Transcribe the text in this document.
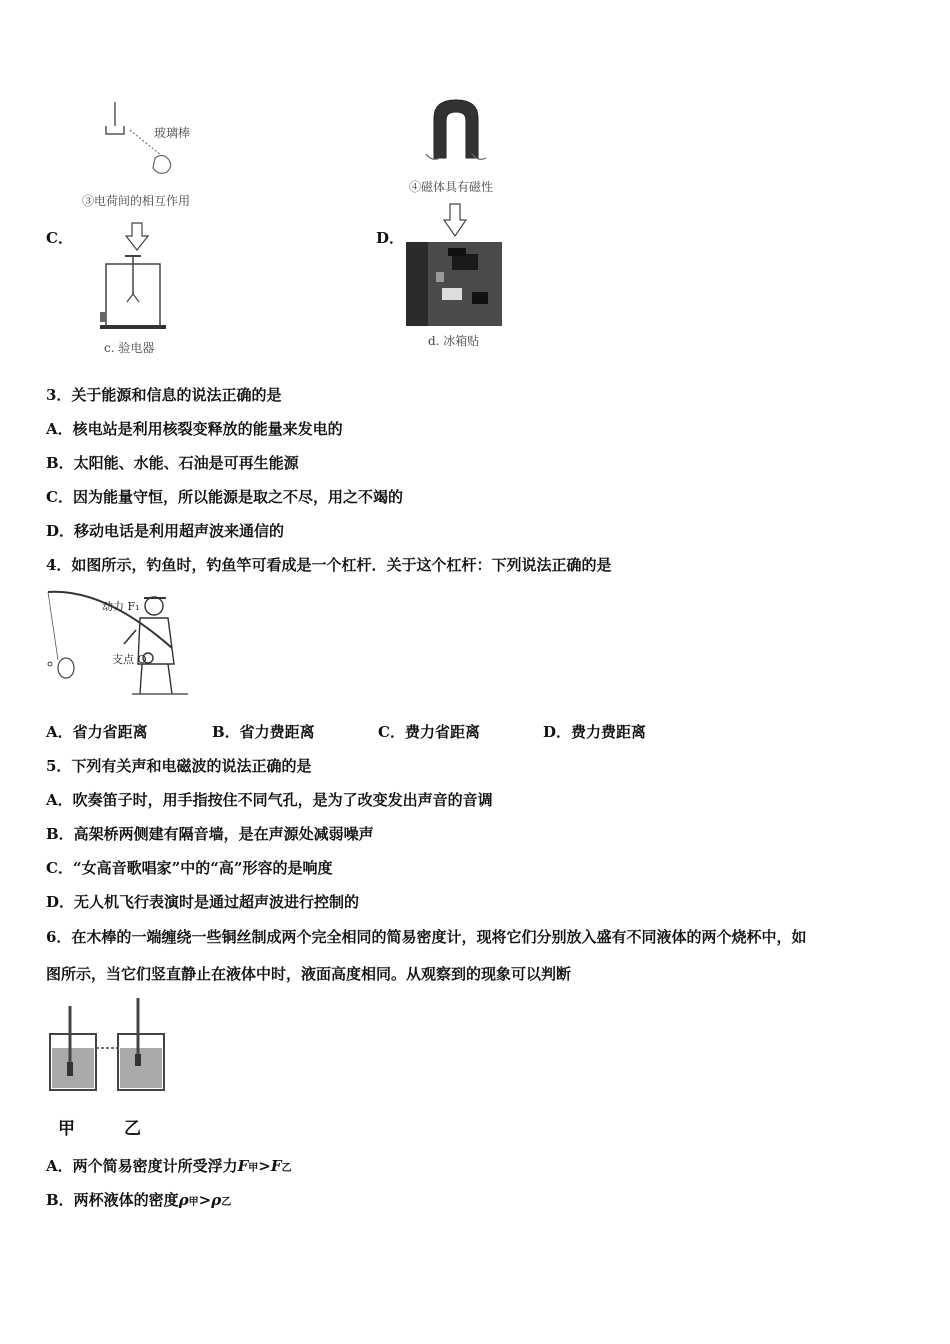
玻璃棒
③电荷间的相互作用
c. 验电器
C．
④磁体具有磁性
d. 冰箱贴
D．
3．关于能源和信息的说法正确的是
A．核电站是利用核裂变释放的能量来发电的
B．太阳能、水能、石油是可再生能源
C．因为能量守恒，所以能源是取之不尽，用之不竭的
D．移动电话是利用超声波来通信的
4．如图所示，钓鱼时，钓鱼竿可看成是一个杠杆．关于这个杠杆：下列说法正确的是
动力 F₁
支点 O
A．省力省距离	B．省力费距离	C．费力省距离	D．费力费距离
5．下列有关声和电磁波的说法正确的是
A．吹奏笛子时，用手指按住不同气孔，是为了改变发出声音的音调
B．高架桥两侧建有隔音墙，是在声源处减弱噪声
C．“女高音歌唱家”中的“高”形容的是响度
D．无人机飞行表演时是通过超声波进行控制的
6．在木棒的一端缠绕一些铜丝制成两个完全相同的简易密度计，现将它们分别放入盛有不同液体的两个烧杯中，如
图所示，当它们竖直静止在液体中时，液面高度相同。从观察到的现象可以判断
甲	乙
A．两个简易密度计所受浮力F甲>F乙
B．两杯液体的密度ρ甲>ρ乙
